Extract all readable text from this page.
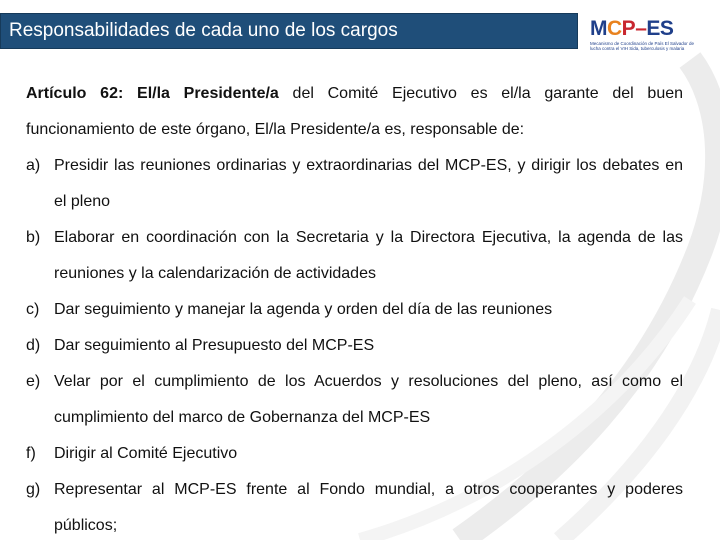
Responsabilidades de cada uno de los cargos	MCP–ES
Mecanismo de Coordinación de País El Salvador de lucha contra el VIH Sida, tuberculosis y malaria

Artículo 62: El/la Presidente/a del Comité Ejecutivo es el/la garante del buen funcionamiento de este órgano, El/la Presidente/a es, responsable de:

a) Presidir las reuniones ordinarias y extraordinarias del MCP-ES, y dirigir los debates en el pleno
b) Elaborar en coordinación con la Secretaria y la Directora Ejecutiva, la agenda de las reuniones y la calendarización de actividades
c) Dar seguimiento y manejar la agenda y orden del día de las reuniones
d) Dar seguimiento al Presupuesto del MCP-ES
e) Velar por el cumplimiento de los Acuerdos y resoluciones del pleno, así como el cumplimiento del marco de Gobernanza del MCP-ES
f) Dirigir al Comité Ejecutivo
g) Representar al MCP-ES frente al Fondo mundial, a otros cooperantes y poderes públicos;
